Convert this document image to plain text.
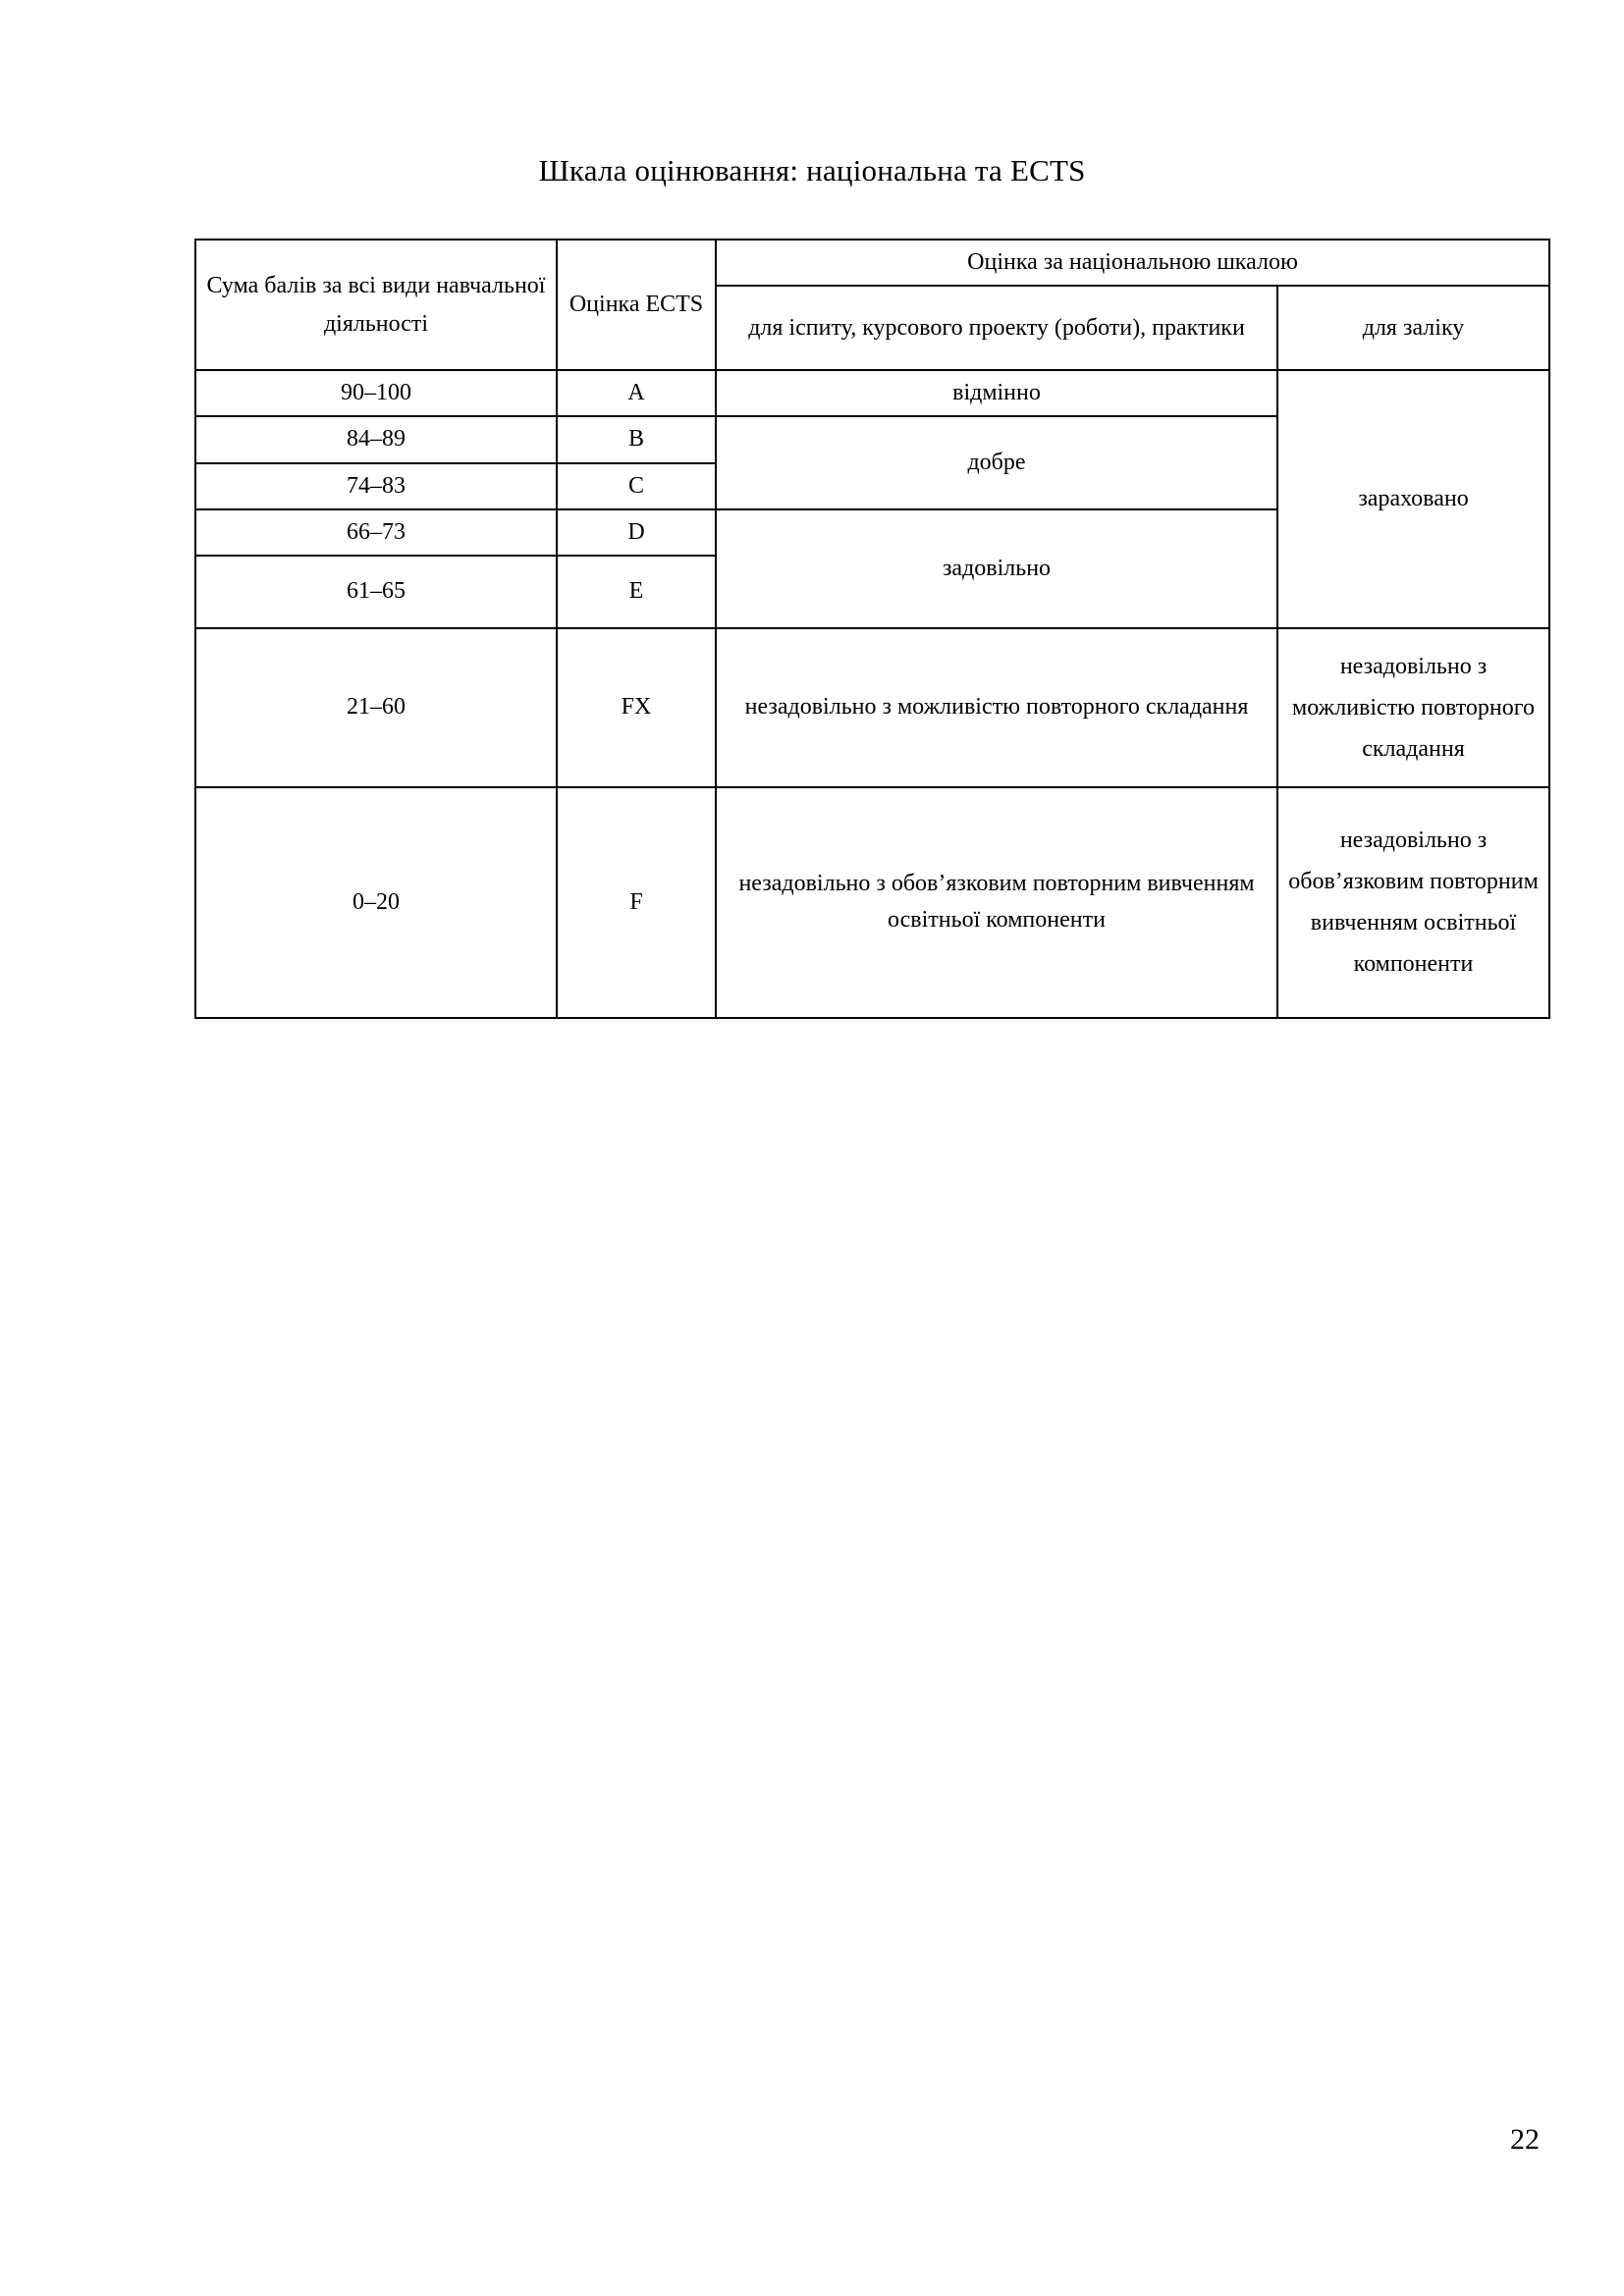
Шкала оцінювання: національна та ECTS
Сума балів за всі види навчальної діяльності	Оцінка ECTS	Оцінка за національною шкалою	
		для іспиту, курсового проекту (роботи), практики	для заліку
90–100	A	відмінно	зараховано
84–89	B	добре	
74–83	C		
66–73	D	задовільно	
61–65	E		
21–60	FX	незадовільно з можливістю повторного складання	незадовільно з можливістю повторного складання
0–20	F	незадовільно з обов’язковим повторним вивченням освітньої компоненти	незадовільно з обов’язковим повторним вивченням освітньої компоненти
22
